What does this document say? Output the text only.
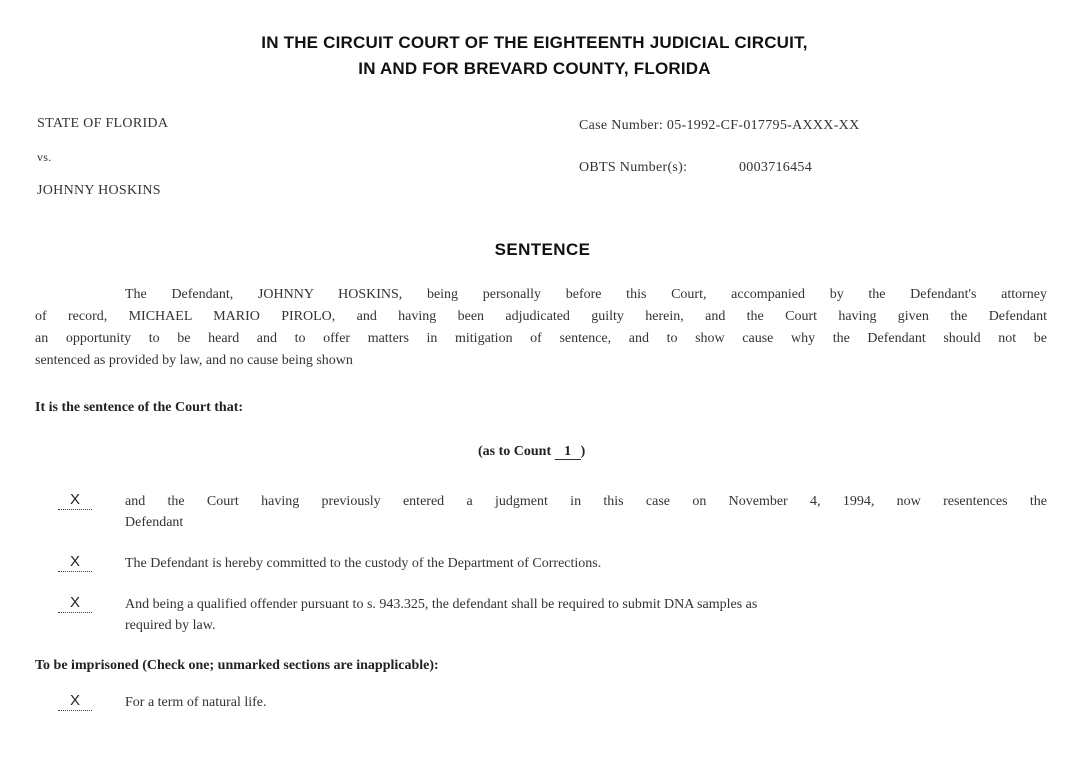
IN THE CIRCUIT COURT OF THE EIGHTEENTH JUDICIAL CIRCUIT,
IN AND FOR BREVARD COUNTY, FLORIDA
STATE OF FLORIDA
vs.
JOHNNY HOSKINS
Case Number: 05-1992-CF-017795-AXXX-XX
OBTS Number(s):	0003716454
SENTENCE
The Defendant, JOHNNY HOSKINS, being personally before this Court, accompanied by the Defendant's attorney
of record, MICHAEL MARIO PIROLO, and having been adjudicated guilty herein, and the Court having given the Defendant
an opportunity to be heard and to offer matters in mitigation of sentence, and to show cause why the Defendant should not be
sentenced as provided by law, and no cause being shown
It is the sentence of the Court that:
(as to Count 1 )
X	and the Court having previously entered a judgment in this case on November 4, 1994, now resentences the
Defendant
X	The Defendant is hereby committed to the custody of the Department of Corrections.
X	And being a qualified offender pursuant to s. 943.325, the defendant shall be required to submit DNA samples as
required by law.
To be imprisoned (Check one; unmarked sections are inapplicable):
X	For a term of natural life.
